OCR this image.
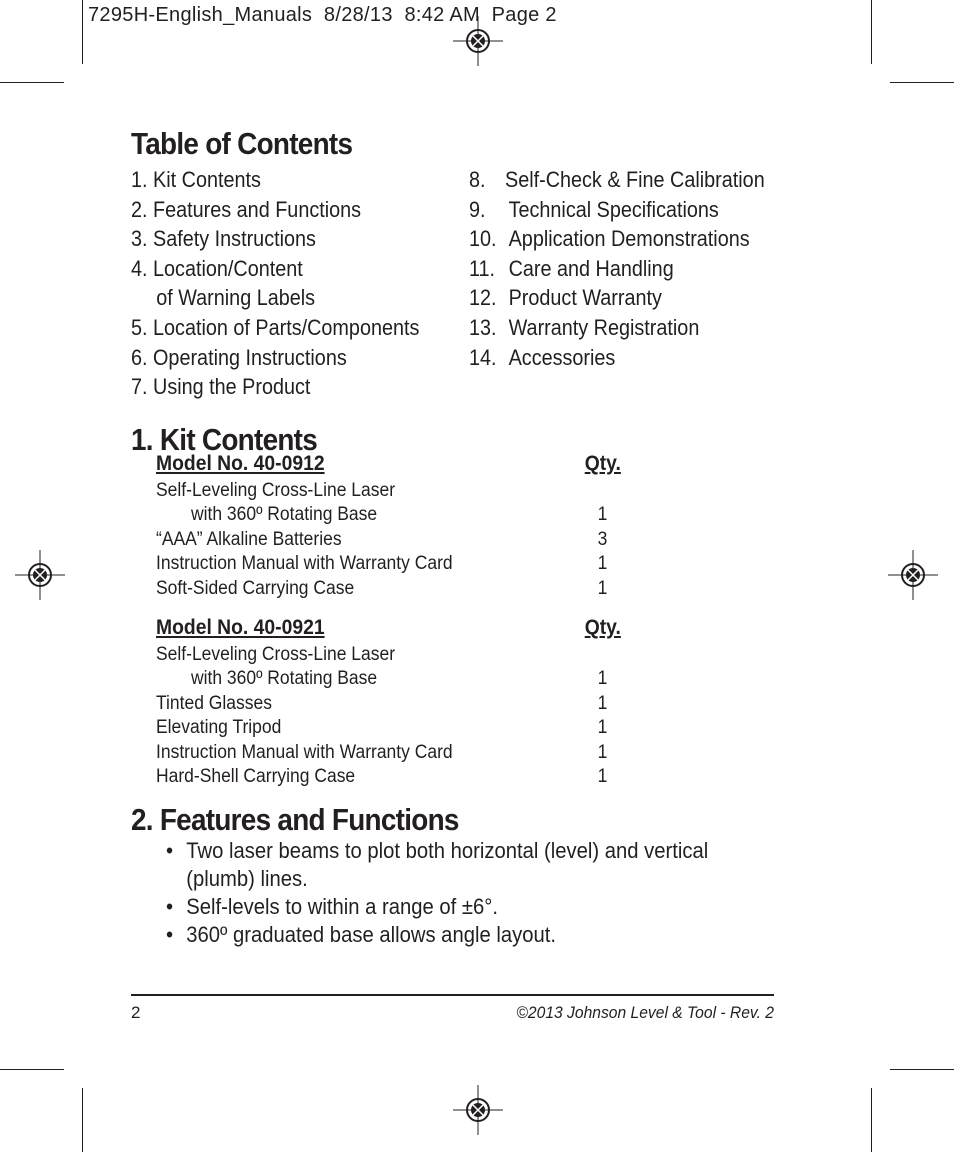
7295H-English_Manuals  8/28/13  8:42 AM  Page 2
Table of Contents
1. Kit Contents
2. Features and Functions
3. Safety Instructions
4. Location/Content
of Warning Labels
5. Location of Parts/Components
6. Operating Instructions
7. Using the Product
8. Self-Check & Fine Calibration
9. Technical Specifications
10. Application Demonstrations
11. Care and Handling
12. Product Warranty
13. Warranty Registration
14. Accessories
1. Kit Contents
Model No. 40-0912	Qty.
Self-Leveling Cross-Line Laser
with 360º Rotating Base	1
“AAA” Alkaline Batteries	3
Instruction Manual with Warranty Card	1
Soft-Sided Carrying Case	1
Model No. 40-0921	Qty.
Self-Leveling Cross-Line Laser
with 360º Rotating Base	1
Tinted Glasses	1
Elevating Tripod	1
Instruction Manual with Warranty Card	1
Hard-Shell Carrying Case	1
2. Features and Functions
• Two laser beams to plot both horizontal (level) and vertical (plumb) lines.
• Self-levels to within a range of ±6°.
• 360º graduated base allows angle layout.
2	©2013 Johnson Level & Tool - Rev. 2
